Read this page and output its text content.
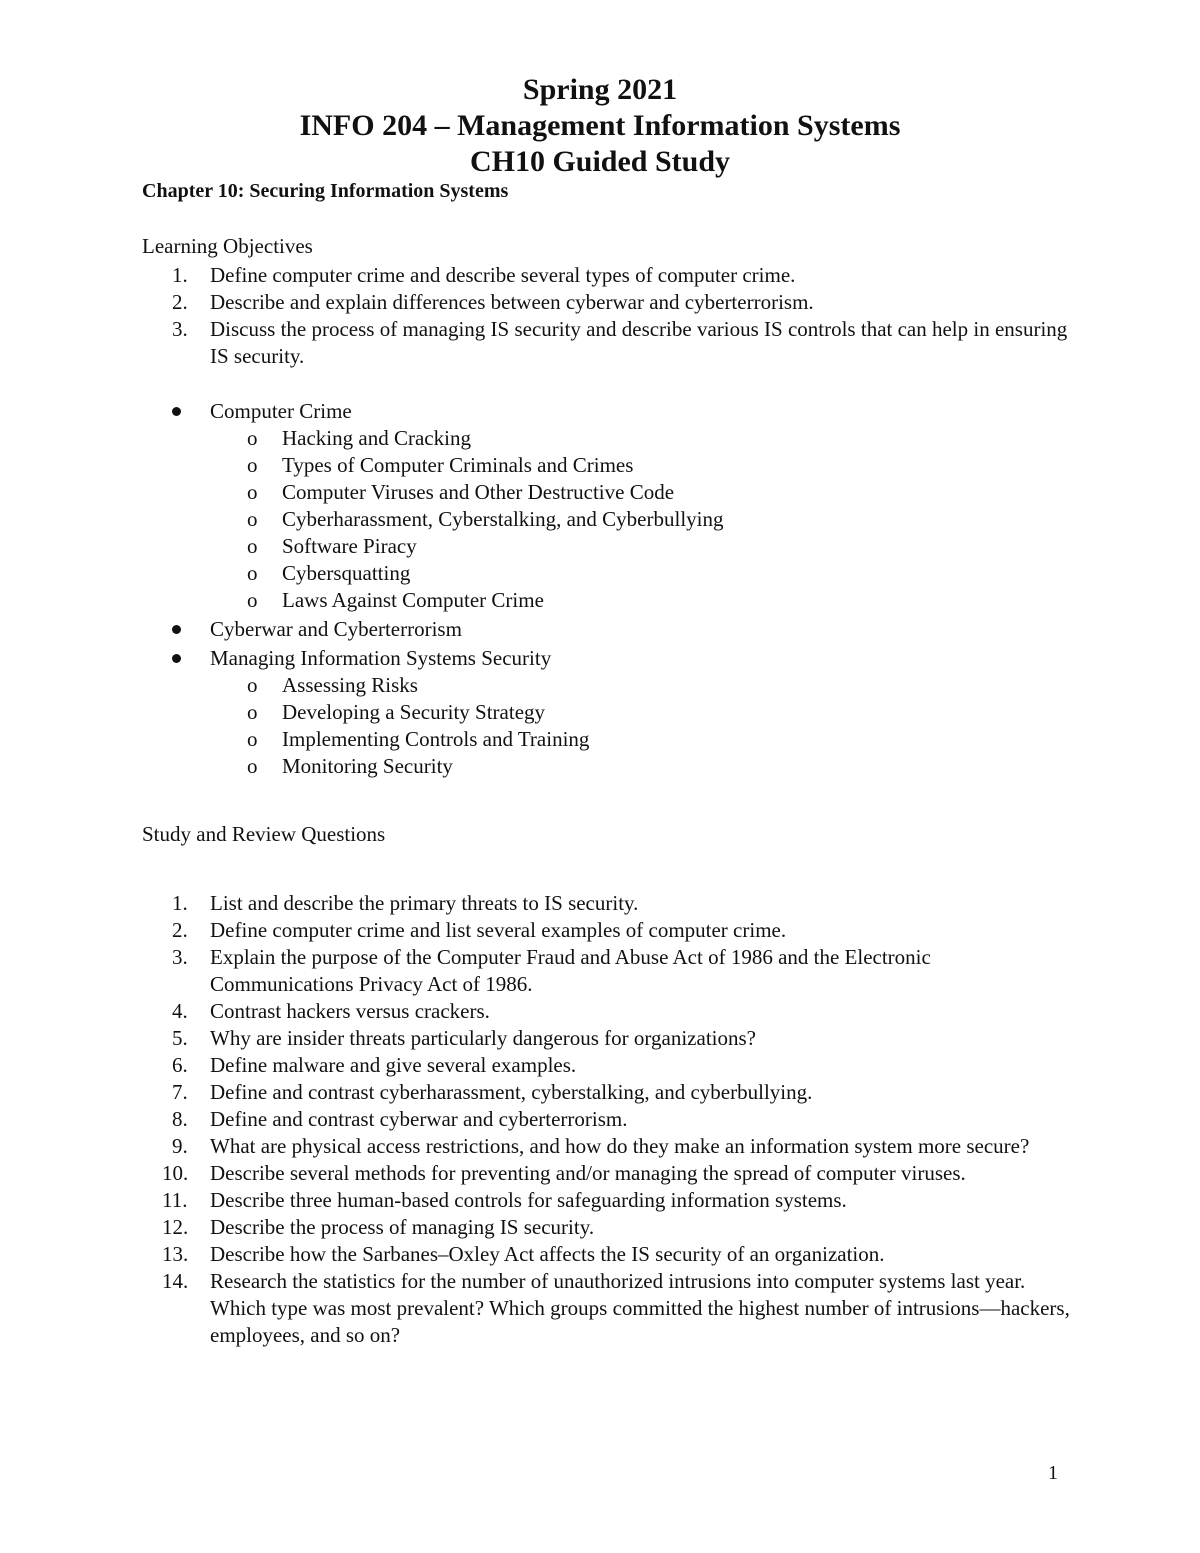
Spring 2021

INFO 204 – Management Information Systems

CH10 Guided Study

Chapter 10: Securing Information Systems

Learning Objectives

1.	Define computer crime and describe several types of computer crime.
2.	Describe and explain differences between cyberwar and cyberterrorism.
3.	Discuss the process of managing IS security and describe various IS controls that can help in ensuring IS security.
Computer Crime
o	Hacking and Cracking
o	Types of Computer Criminals and Crimes
o	Computer Viruses and Other Destructive Code
o	Cyberharassment, Cyberstalking, and Cyberbullying
o	Software Piracy
o	Cybersquatting
o	Laws Against Computer Crime
Cyberwar and Cyberterrorism
Managing Information Systems Security
o	Assessing Risks
o	Developing a Security Strategy
o	Implementing Controls and Training
o	Monitoring Security

Study and Review Questions

1.	List and describe the primary threats to IS security.
2.	Define computer crime and list several examples of computer crime.
3.	Explain the purpose of the Computer Fraud and Abuse Act of 1986 and the Electronic Communications Privacy Act of 1986.
4.	Contrast hackers versus crackers.
5.	Why are insider threats particularly dangerous for organizations?
6.	Define malware and give several examples.
7.	Define and contrast cyberharassment, cyberstalking, and cyberbullying.
8.	Define and contrast cyberwar and cyberterrorism.
9.	What are physical access restrictions, and how do they make an information system more secure?
10.	Describe several methods for preventing and/or managing the spread of computer viruses.
11.	Describe three human-based controls for safeguarding information systems.
12.	Describe the process of managing IS security.
13.	Describe how the Sarbanes–Oxley Act affects the IS security of an organization.
14.	Research the statistics for the number of unauthorized intrusions into computer systems last year. Which type was most prevalent? Which groups committed the highest number of intrusions—hackers, employees, and so on?
1
